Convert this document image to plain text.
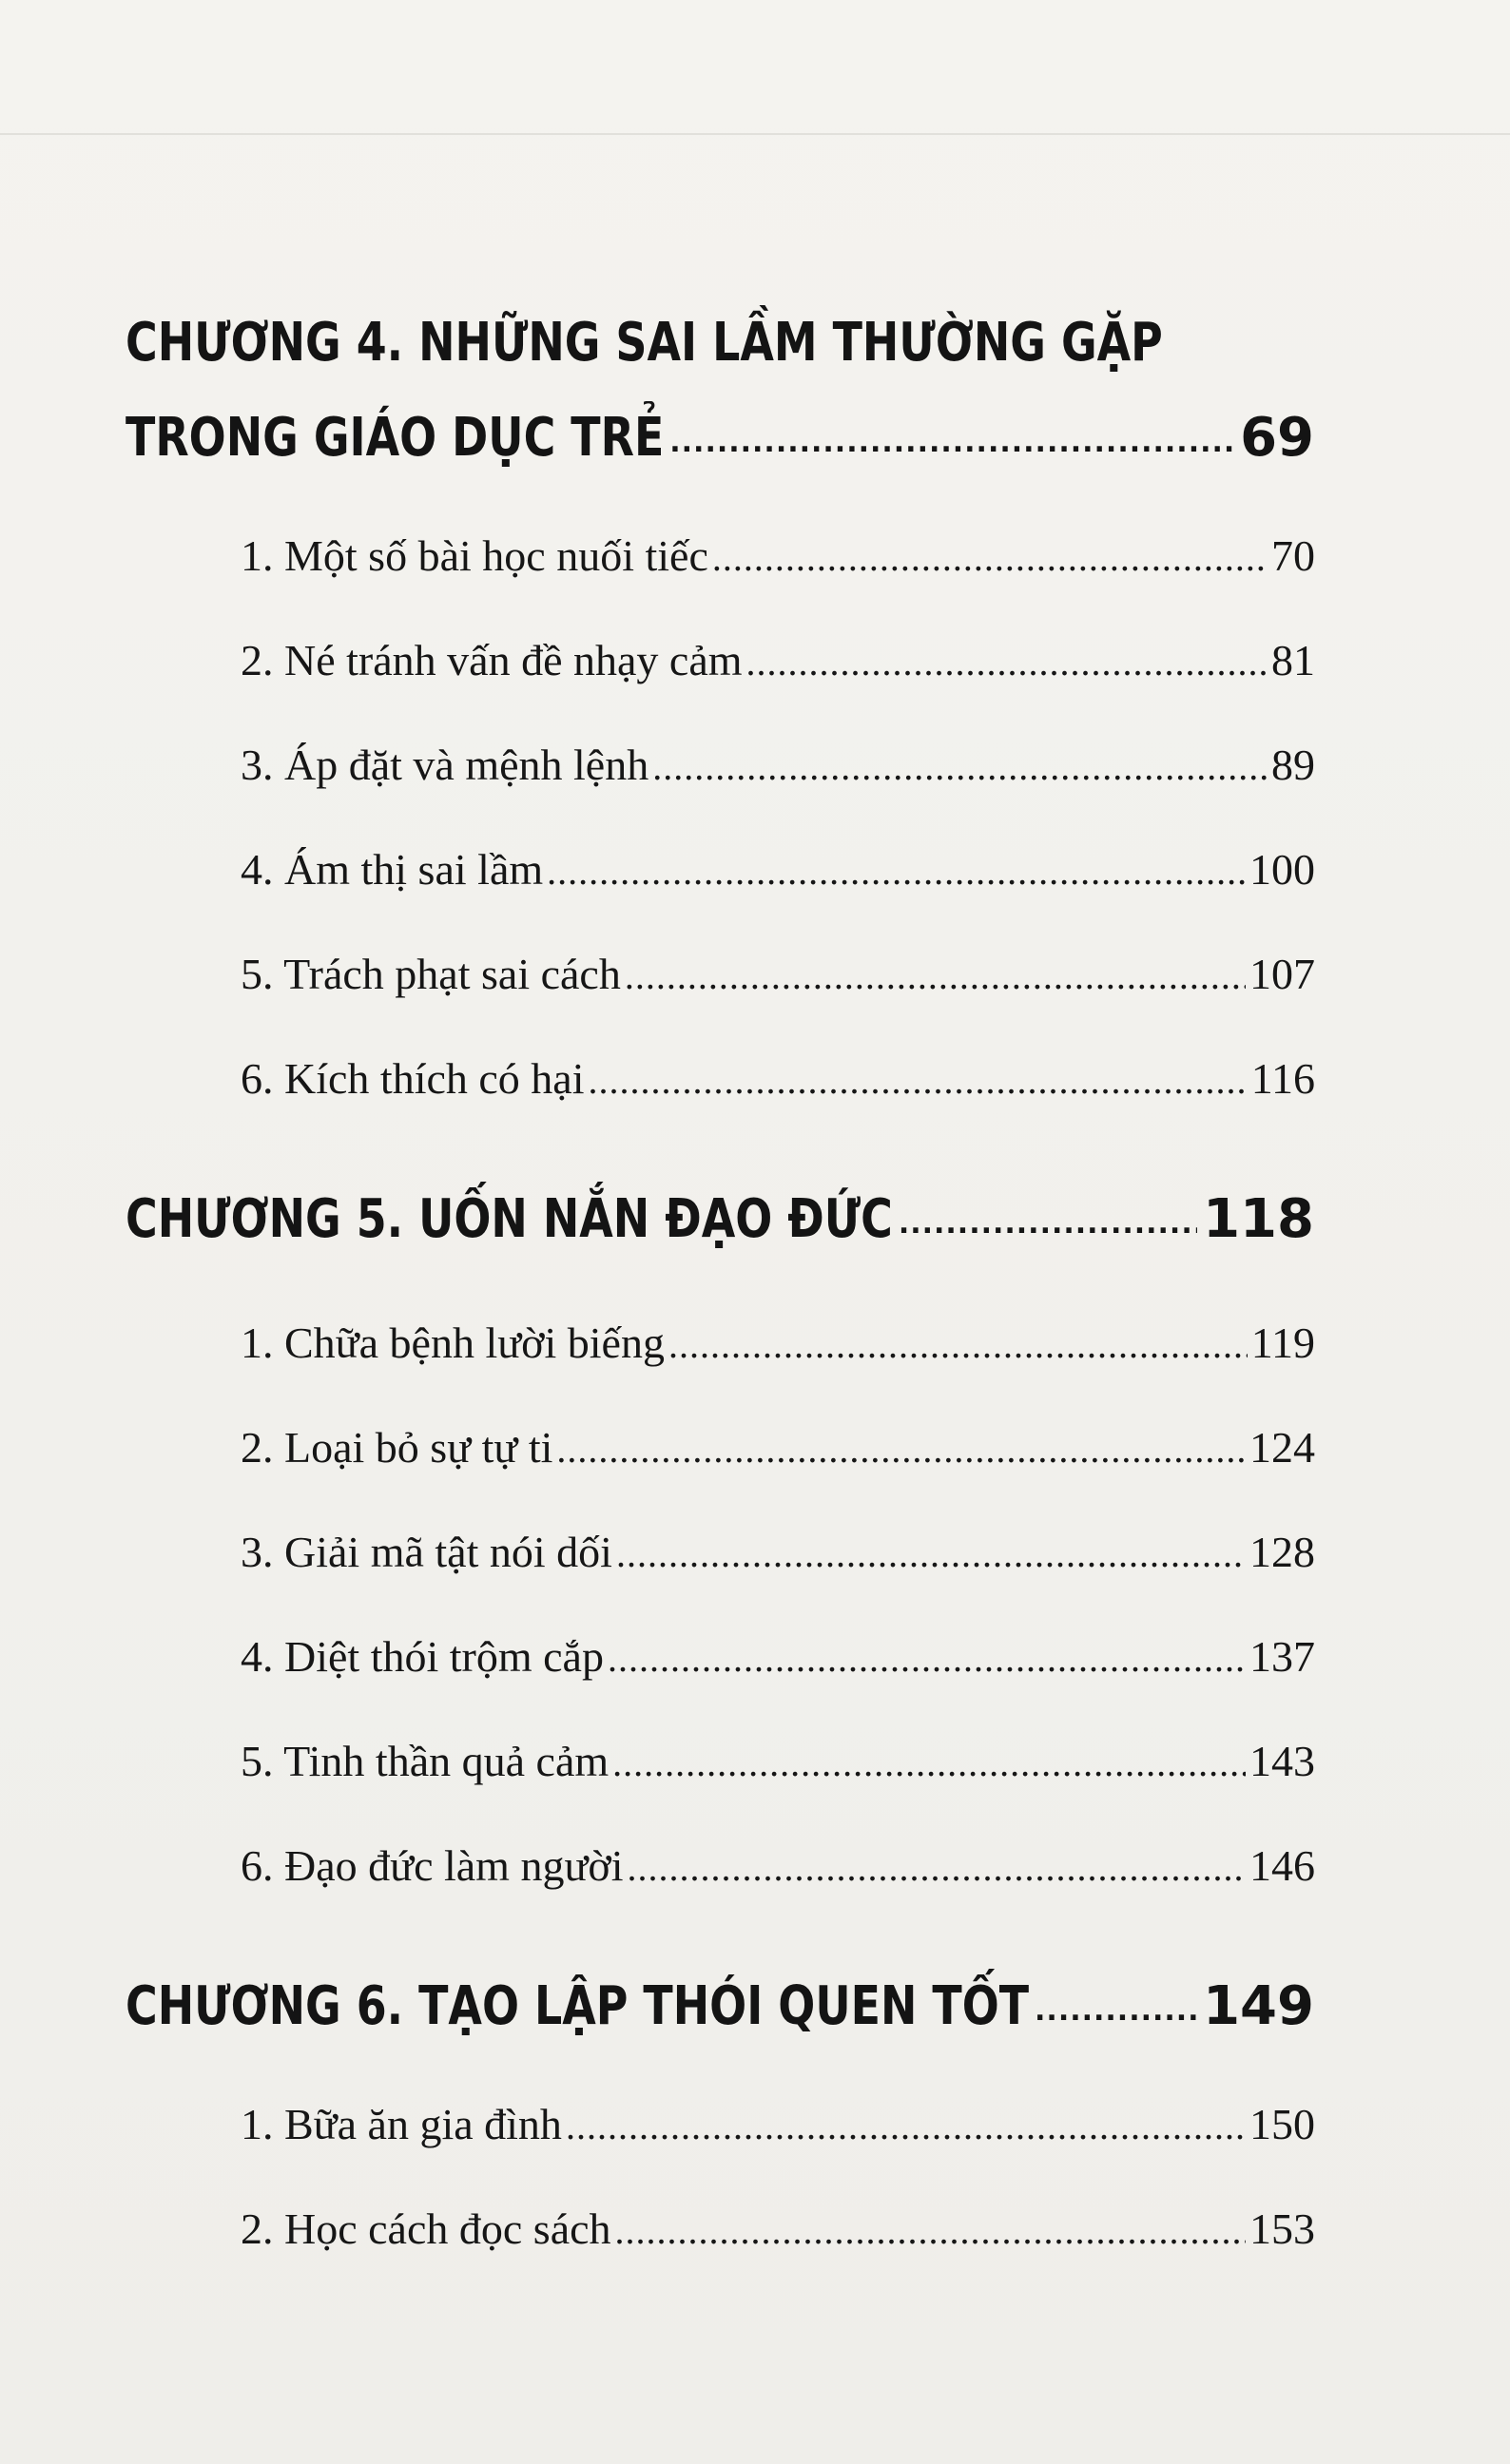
CHƯƠNG 4. NHỮNG SAI LẦM THƯỜNG GẶP
TRONG GIÁO DỤC TRẺ .....	69
1. Một số bài học nuối tiếc .....	70
2. Né tránh vấn đề nhạy cảm .....	81
3. Áp đặt và mệnh lệnh .....	89
4. Ám thị sai lầm .....	100
5. Trách phạt sai cách .....	107
6. Kích thích có hại .....	116
CHƯƠNG 5. UỐN NẮN ĐẠO ĐỨC .....	118
1. Chữa bệnh lười biếng .....	119
2. Loại bỏ sự tự ti .....	124
3. Giải mã tật nói dối .....	128
4. Diệt thói trộm cắp .....	137
5. Tinh thần quả cảm .....	143
6. Đạo đức làm người .....	146
CHƯƠNG 6. TẠO LẬP THÓI QUEN TỐT .....	149
1. Bữa ăn gia đình .....	150
2. Học cách đọc sách .....	153
